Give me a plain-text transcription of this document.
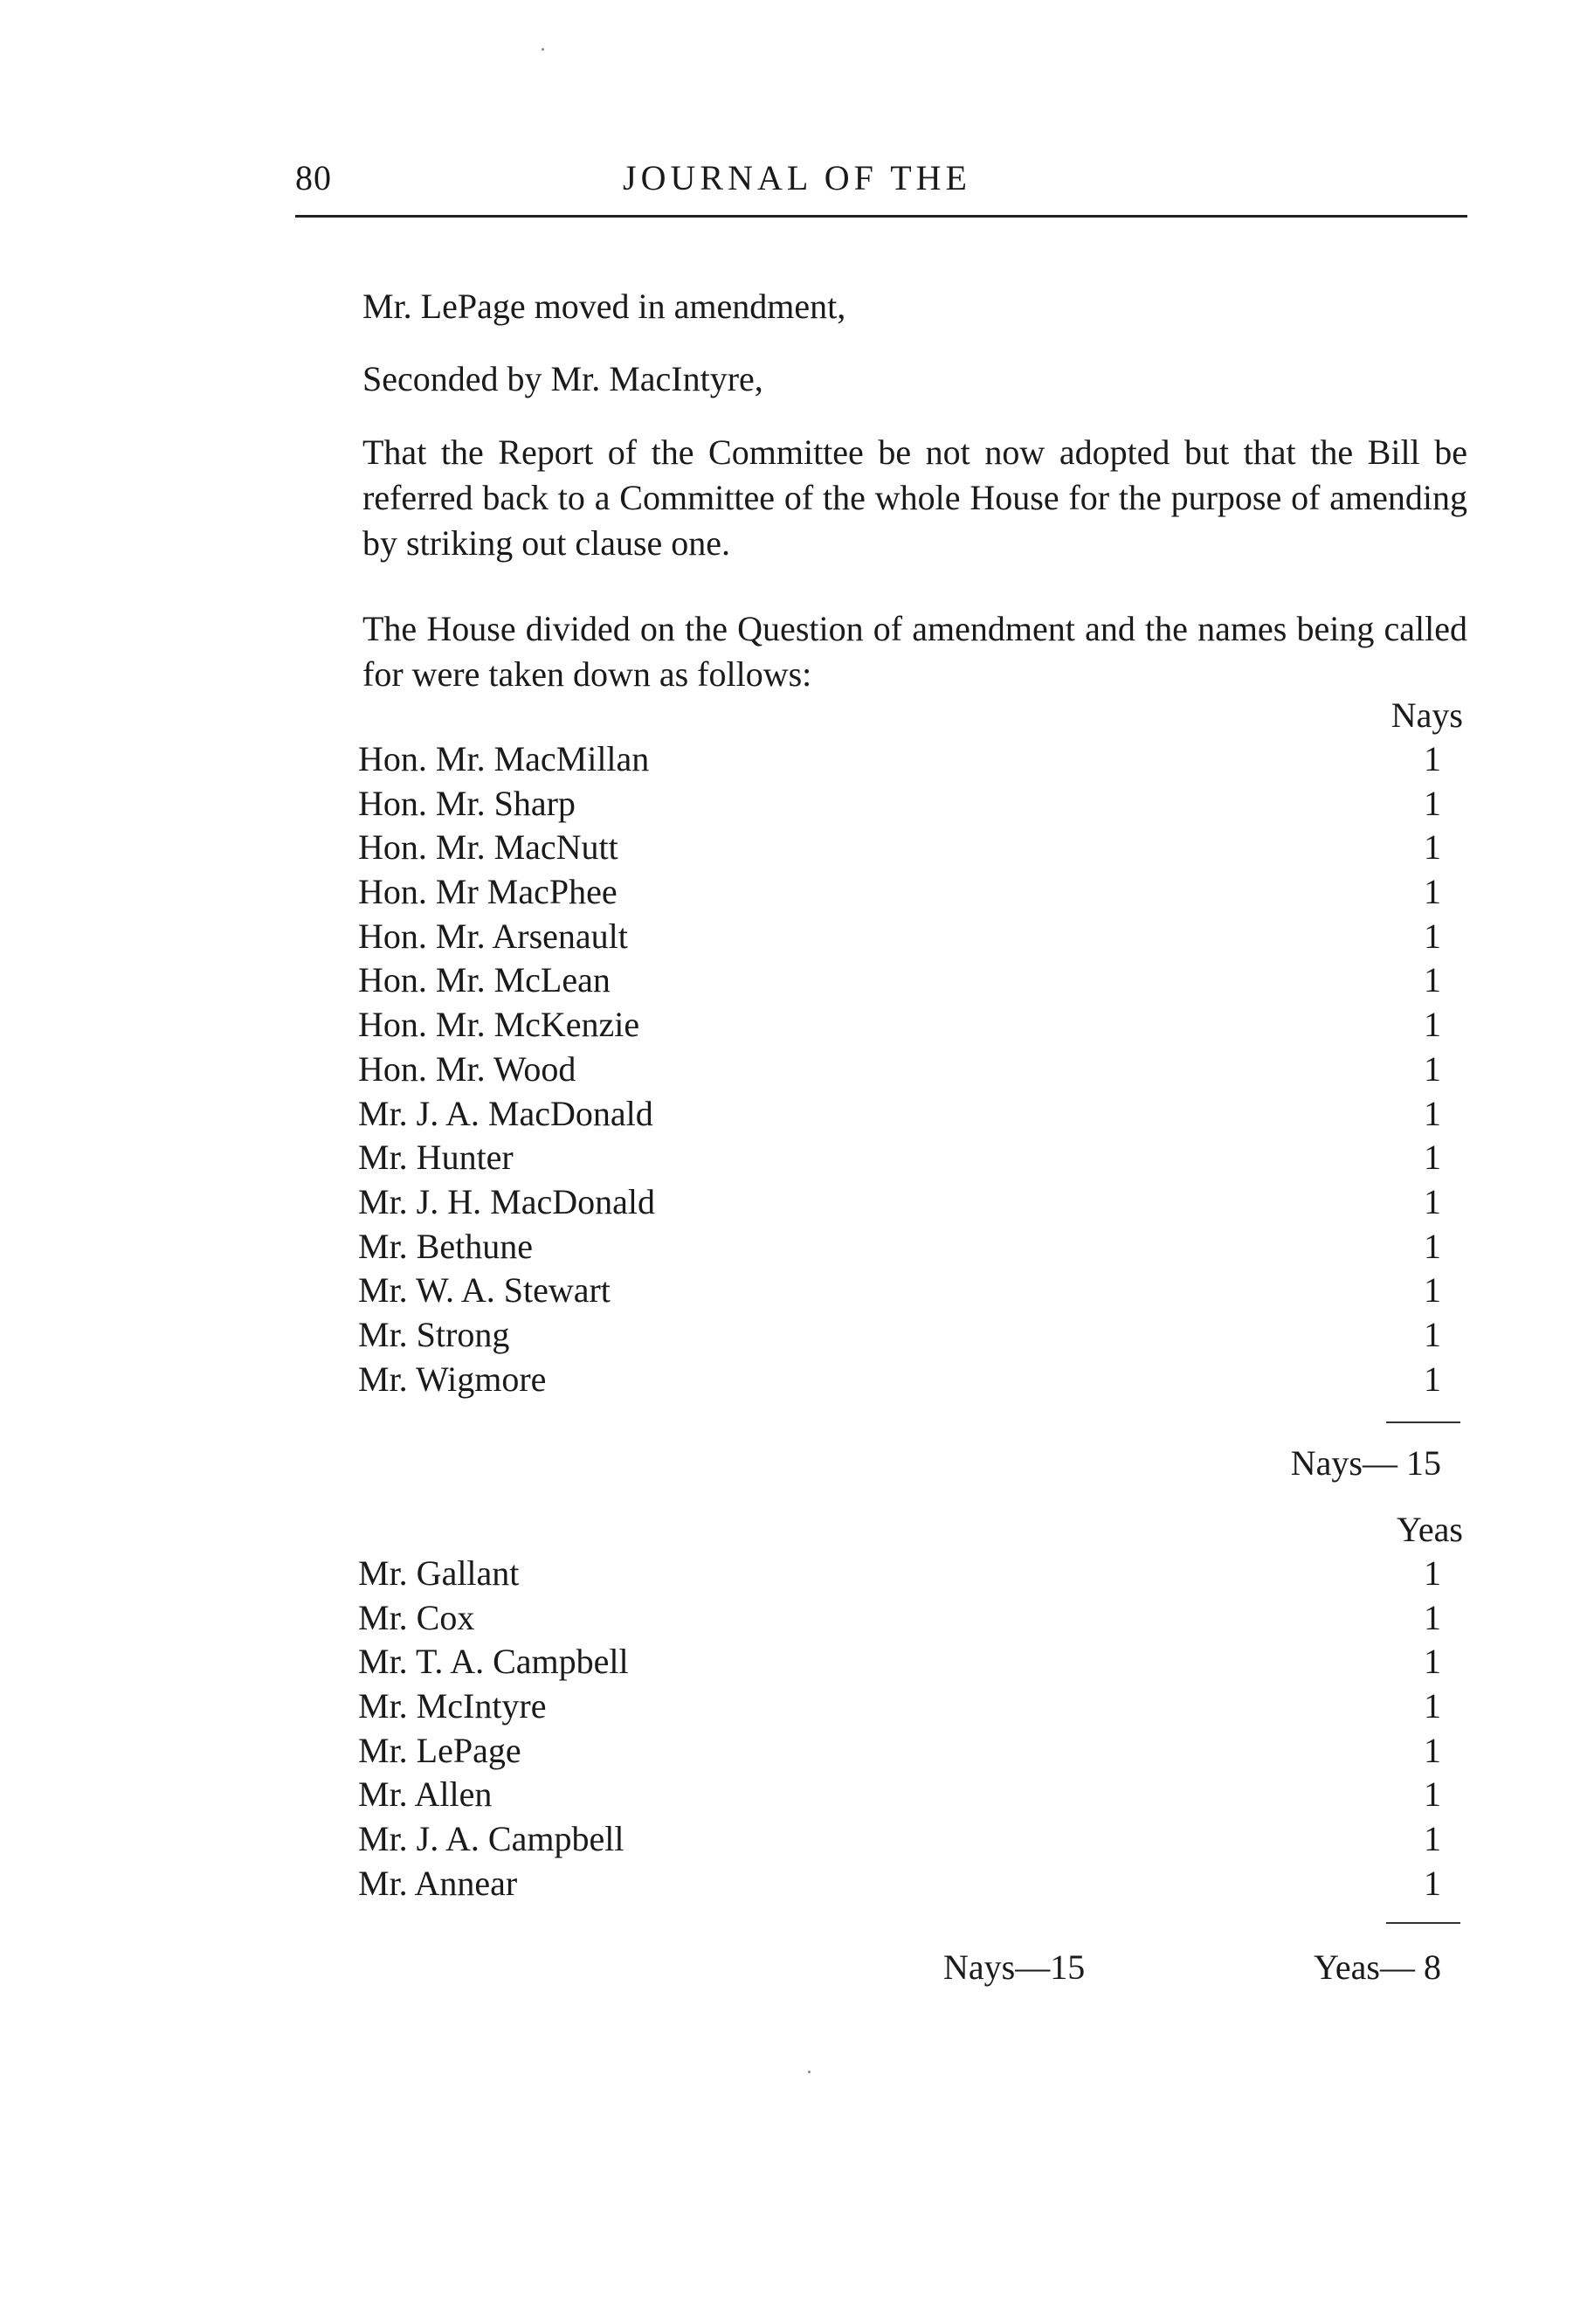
80	JOURNAL OF THE
Mr. LePage moved in amendment,
Seconded by Mr. MacIntyre,
That the Report of the Committee be not now adopted but that the Bill be referred back to a Committee of the whole House for the purpose of amending by striking out clause one.
The House divided on the Question of amendment and the names being called for were taken down as follows:
Nays
Hon. Mr. MacMillan	1
Hon. Mr. Sharp	1
Hon. Mr. MacNutt	1
Hon. Mr MacPhee	1
Hon. Mr. Arsenault	1
Hon. Mr. McLean	1
Hon. Mr. McKenzie	1
Hon. Mr. Wood	1
Mr. J. A. MacDonald	1
Mr. Hunter	1
Mr. J. H. MacDonald	1
Mr. Bethune	1
Mr. W. A. Stewart	1
Mr. Strong	1
Mr. Wigmore	1
Nays— 15
Yeas
Mr. Gallant	1
Mr. Cox	1
Mr. T. A. Campbell	1
Mr. McIntyre	1
Mr. LePage	1
Mr. Allen	1
Mr. J. A. Campbell	1
Mr. Annear	1
Nays—15	Yeas— 8
